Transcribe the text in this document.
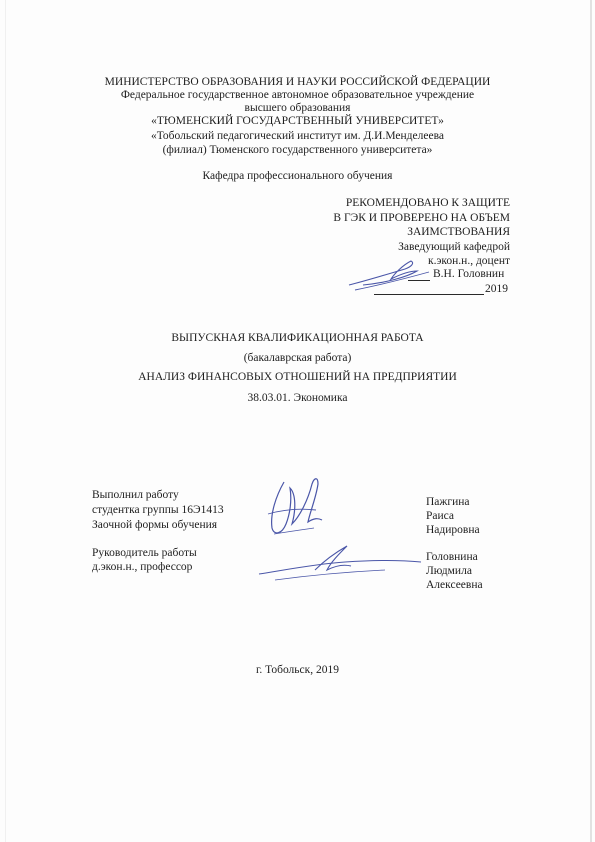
МИНИСТЕРСТВО ОБРАЗОВАНИЯ И НАУКИ РОССИЙСКОЙ ФЕДЕРАЦИИ
Федеральное государственное автономное образовательное учреждение
высшего образования
«ТЮМЕНСКИЙ ГОСУДАРСТВЕННЫЙ УНИВЕРСИТЕТ»
«Тобольский педагогический институт им. Д.И.Менделеева
(филиал) Тюменского государственного университета»
Кафедра профессионального обучения
РЕКОМЕНДОВАНО К ЗАЩИТЕ
В ГЭК И ПРОВЕРЕНО НА ОБЪЕМ
ЗАИМСТВОВАНИЯ
Заведующий кафедрой
к.экон.н., доцент
В.Н. Головнин
2019
ВЫПУСКНАЯ КВАЛИФИКАЦИОННАЯ РАБОТА
(бакалаврская работа)
АНАЛИЗ ФИНАНСОВЫХ ОТНОШЕНИЙ НА ПРЕДПРИЯТИИ
38.03.01. Экономика
Выполнил работу
студентка группы 16Э1413
Заочной формы обучения
Пажгина
Раиса
Надировна
Руководитель работы
д.экон.н., профессор
Головнина
Людмила
Алексеевна
г. Тобольск, 2019
